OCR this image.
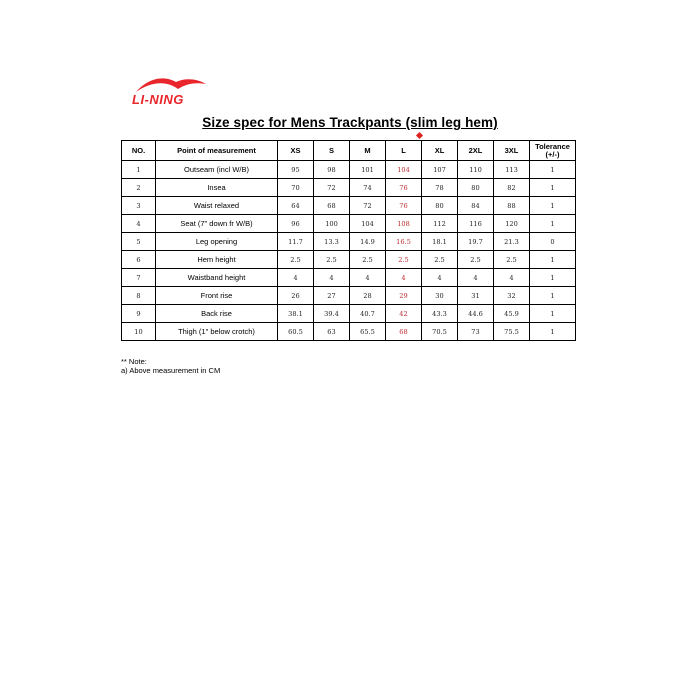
LI-NING
Size spec for Mens Trackpants (slim leg hem)
NO.	Point of measurement	XS	S	M	L	XL	2XL	3XL	Tolerance (+/-)
1	Outseam (incl W/B)	95	98	101	104	107	110	113	1
2	Insea	70	72	74	76	78	80	82	1
3	Waist relaxed	64	68	72	76	80	84	88	1
4	Seat (7" down fr W/B)	96	100	104	108	112	116	120	1
5	Leg opening	11.7	13.3	14.9	16.5	18.1	19.7	21.3	0
6	Hem height	2.5	2.5	2.5	2.5	2.5	2.5	2.5	1
7	Waistband height	4	4	4	4	4	4	4	1
8	Front rise	26	27	28	29	30	31	32	1
9	Back rise	38.1	39.4	40.7	42	43.3	44.6	45.9	1
10	Thigh (1" below crotch)	60.5	63	65.5	68	70.5	73	75.5	1
** Note:
a) Above measurement in CM
